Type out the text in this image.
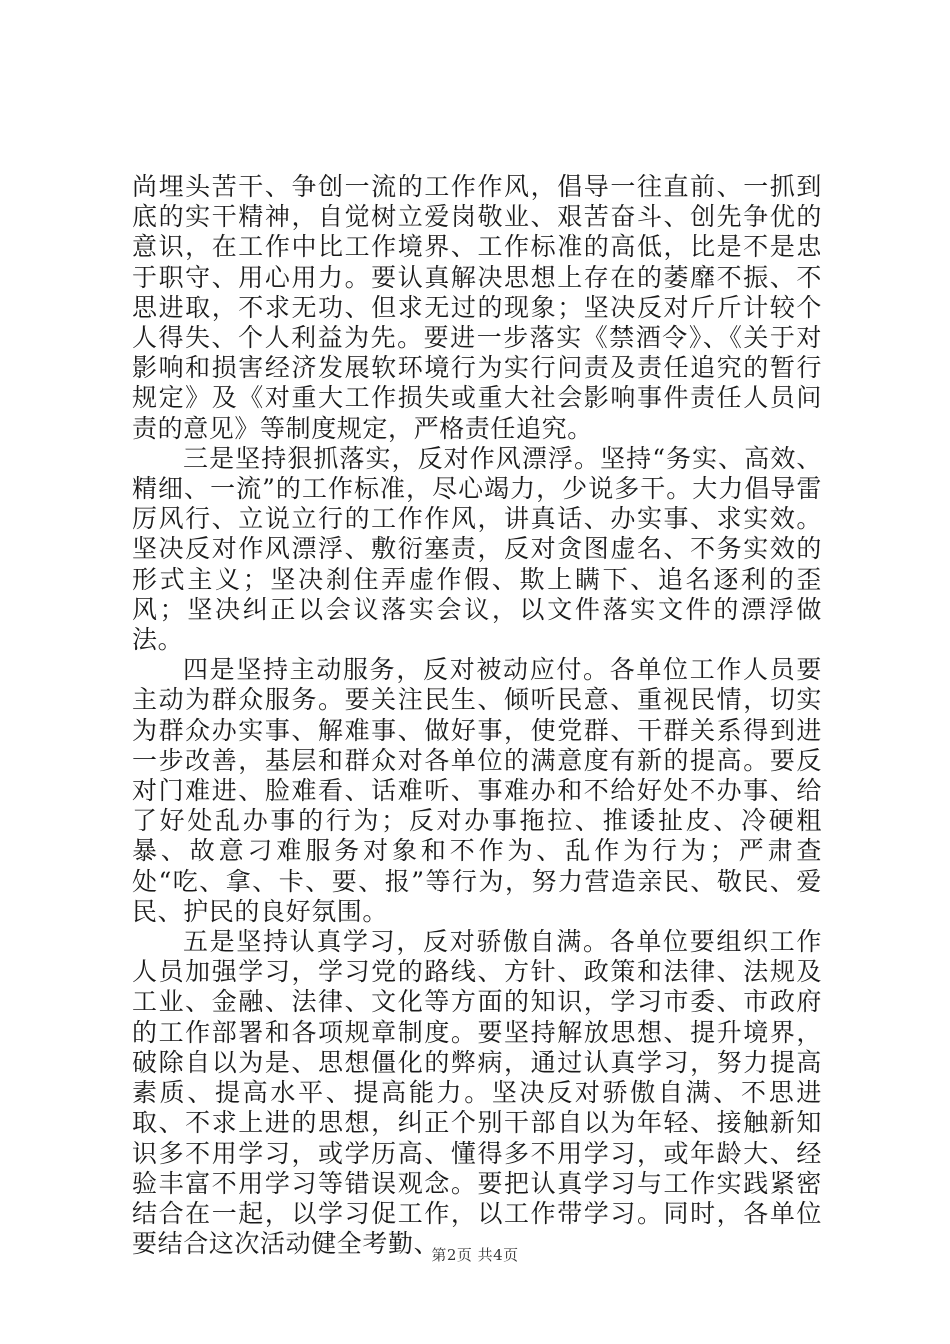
尚埋头苦干、争创一流的工作作风，倡导一往直前、一抓到底的实干精神，自觉树立爱岗敬业、艰苦奋斗、创先争优的意识，在工作中比工作境界、工作标准的高低，比是不是忠于职守、用心用力。要认真解决思想上存在的萎靡不振、不思进取，不求无功、但求无过的现象；坚决反对斤斤计较个人得失、个人利益为先。要进一步落实《禁酒令》、《关于对影响和损害经济发展软环境行为实行问责及责任追究的暂行规定》及《对重大工作损失或重大社会影响事件责任人员问责的意见》等制度规定，严格责任追究。

三是坚持狠抓落实，反对作风漂浮。坚持“务实、高效、精细、一流”的工作标准，尽心竭力，少说多干。大力倡导雷厉风行、立说立行的工作作风，讲真话、办实事、求实效。坚决反对作风漂浮、敷衍塞责，反对贪图虚名、不务实效的形式主义；坚决刹住弄虚作假、欺上瞒下、追名逐利的歪风；坚决纠正以会议落实会议，以文件落实文件的漂浮做法。

四是坚持主动服务，反对被动应付。各单位工作人员要主动为群众服务。要关注民生、倾听民意、重视民情，切实为群众办实事、解难事、做好事，使党群、干群关系得到进一步改善，基层和群众对各单位的满意度有新的提高。要反对门难进、脸难看、话难听、事难办和不给好处不办事、给了好处乱办事的行为；反对办事拖拉、推诿扯皮、冷硬粗暴、故意刁难服务对象和不作为、乱作为行为；严肃查处“吃、拿、卡、要、报”等行为，努力营造亲民、敬民、爱民、护民的良好氛围。

五是坚持认真学习，反对骄傲自满。各单位要组织工作人员加强学习，学习党的路线、方针、政策和法律、法规及工业、金融、法律、文化等方面的知识，学习市委、市政府的工作部署和各项规章制度。要坚持解放思想、提升境界，破除自以为是、思想僵化的弊病，通过认真学习，努力提高素质、提高水平、提高能力。坚决反对骄傲自满、不思进取、不求上进的思想，纠正个别干部自以为年轻、接触新知识多不用学习，或学历高、懂得多不用学习，或年龄大、经验丰富不用学习等错误观念。要把认真学习与工作实践紧密结合在一起，以学习促工作，以工作带学习。同时，各单位要结合这次活动健全考勤、

第2页 共4页
